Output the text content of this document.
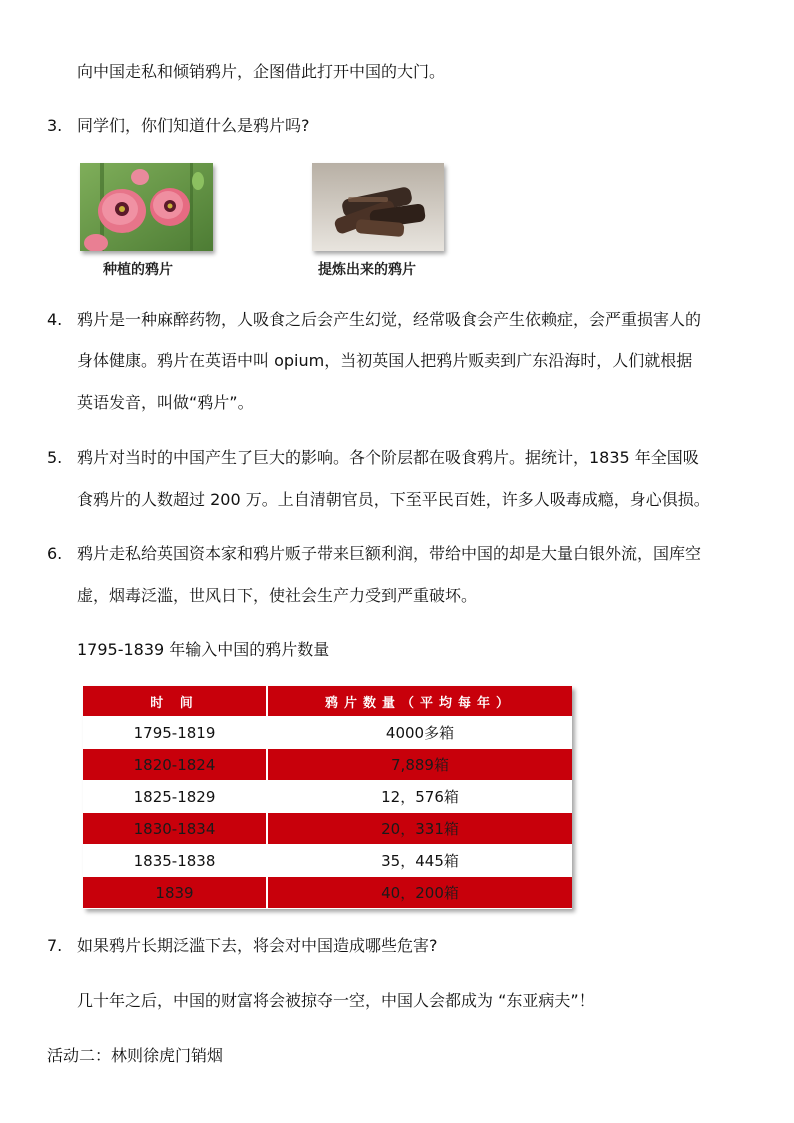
向中国走私和倾销鸦片，企图借此打开中国的大门。
3. 同学们，你们知道什么是鸦片吗?
种植的鸦片	提炼出来的鸦片
4. 鸦片是一种麻醉药物，人吸食之后会产生幻觉，经常吸食会产生依赖症，会严重损害人的
身体健康。鸦片在英语中叫 opium，当初英国人把鸦片贩卖到广东沿海时，人们就根据
英语发音，叫做“鸦片”。
5. 鸦片对当时的中国产生了巨大的影响。各个阶层都在吸食鸦片。据统计，1835 年全国吸
食鸦片的人数超过 200 万。上自清朝官员，下至平民百姓，许多人吸毒成瘾，身心俱损。
6. 鸦片走私给英国资本家和鸦片贩子带来巨额利润，带给中国的却是大量白银外流，国库空
虚，烟毒泛滥，世风日下，使社会生产力受到严重破坏。
1795-1839 年输入中国的鸦片数量
时 间	鸦片数量（平均每年）
1795-1819	4000多箱
1820-1824	7,889箱
1825-1829	12，576箱
1830-1834	20，331箱
1835-1838	35，445箱
1839	40，200箱
7. 如果鸦片长期泛滥下去，将会对中国造成哪些危害?
几十年之后，中国的财富将会被掠夺一空，中国人会都成为 “东亚病夫”！
活动二：林则徐虎门销烟
